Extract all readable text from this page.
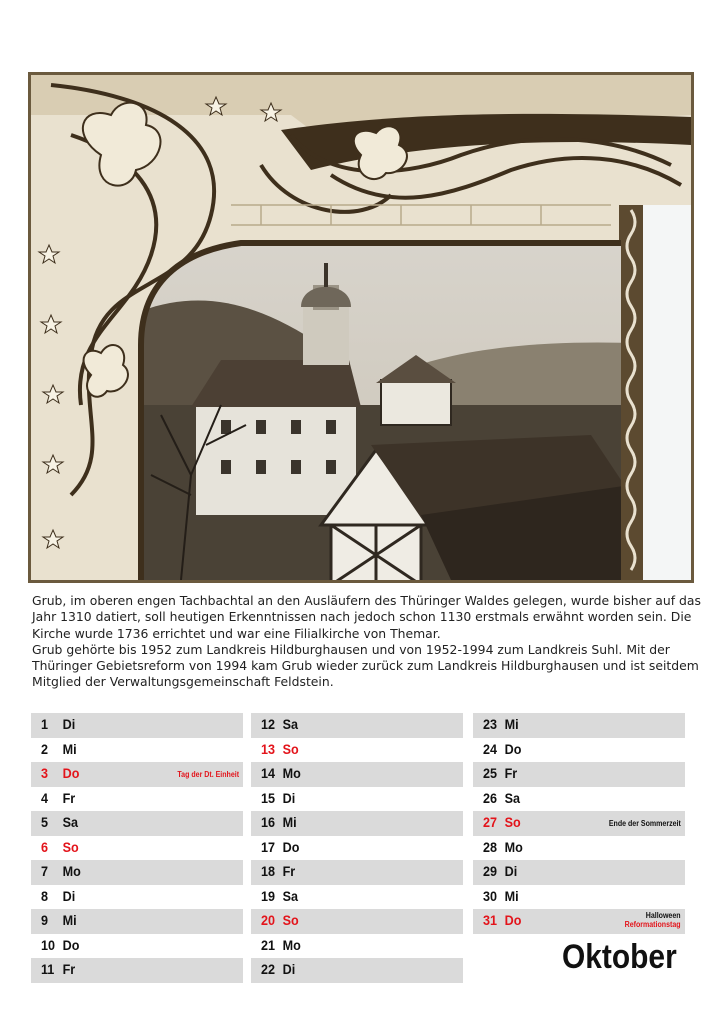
Grub, im oberen engen Tachbachtal an den Ausläufern des Thüringer Waldes gelegen, wurde bisher auf das Jahr 1310 datiert, soll heutigen Erkenntnissen nach jedoch schon 1130 erstmals erwähnt worden sein. Die Kirche wurde 1736 errichtet und war eine Filialkirche von Themar.

Grub gehörte bis 1952 zum Landkreis Hildburghausen und von 1952-1994 zum Landkreis Suhl. Mit der Thüringer Gebietsreform von 1994 kam Grub wieder zurück zum Landkreis Hildburghausen und ist seitdem Mitglied der Verwaltungsgemeinschaft Feldstein.

1 Di
2 Mi
3 Do	Tag der Dt. Einheit
4 Fr
5 Sa
6 So
7 Mo
8 Di
9 Mi
10 Do
11 Fr
12 Sa
13 So
14 Mo
15 Di
16 Mi
17 Do
18 Fr
19 Sa
20 So
21 Mo
22 Di
23 Mi
24 Do
25 Fr
26 Sa
27 So	Ende der Sommerzeit
28 Mo
29 Di
30 Mi
31 Do	Halloween
Reformationstag
Oktober
